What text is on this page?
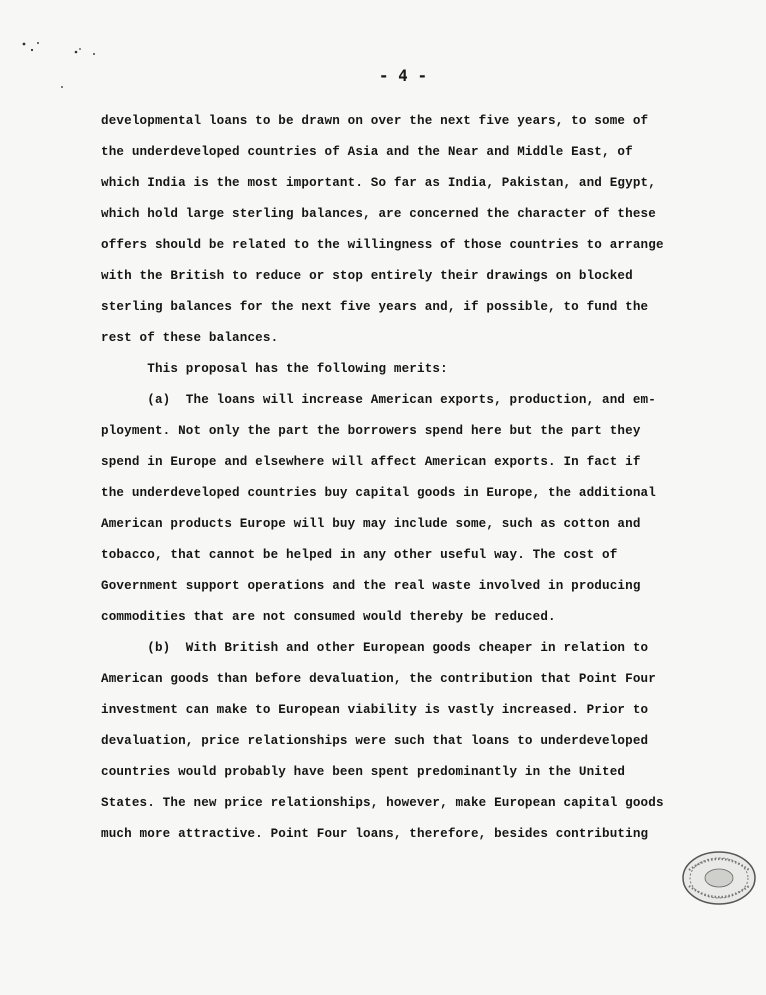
- 4 -
developmental loans to be drawn on over the next five years, to some of
the underdeveloped countries of Asia and the Near and Middle East, of
which India is the most important. So far as India, Pakistan, and Egypt,
which hold large sterling balances, are concerned the character of these
offers should be related to the willingness of those countries to arrange
with the British to reduce or stop entirely their drawings on blocked
sterling balances for the next five years and, if possible, to fund the
rest of these balances.
This proposal has the following merits:
(a)  The loans will increase American exports, production, and em-
ployment. Not only the part the borrowers spend here but the part they
spend in Europe and elsewhere will affect American exports. In fact if
the underdeveloped countries buy capital goods in Europe, the additional
American products Europe will buy may include some, such as cotton and
tobacco, that cannot be helped in any other useful way. The cost of
Government support operations and the real waste involved in producing
commodities that are not consumed would thereby be reduced.
(b)  With British and other European goods cheaper in relation to
American goods than before devaluation, the contribution that Point Four
investment can make to European viability is vastly increased. Prior to
devaluation, price relationships were such that loans to underdeveloped
countries would probably have been spent predominantly in the United
States. The new price relationships, however, make European capital goods
much more attractive. Point Four loans, therefore, besides contributing
